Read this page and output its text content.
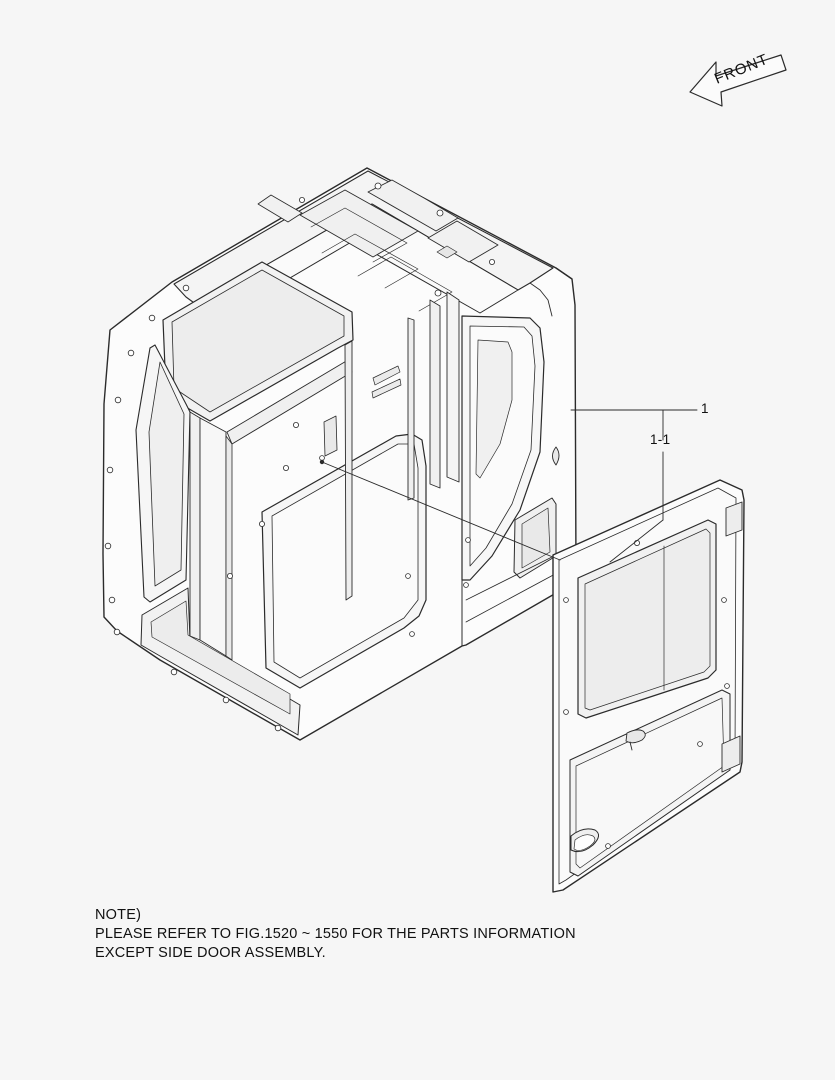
FRONT
1
1-1
NOTE)
PLEASE REFER TO FIG.1520 ~ 1550 FOR THE PARTS INFORMATION
EXCEPT SIDE DOOR ASSEMBLY.
